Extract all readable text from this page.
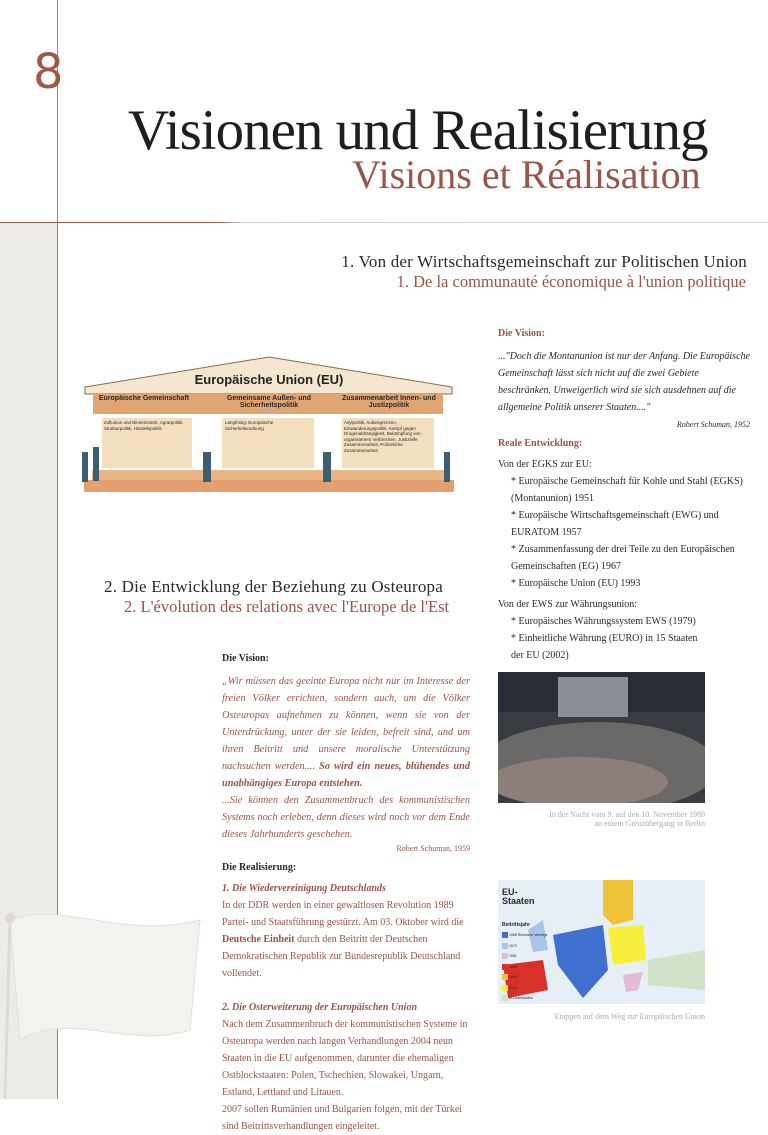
8
Visionen und Realisierung
Visions et Réalisation
1. Von der Wirtschaftsgemeinschaft zur Politischen Union
1. De la communauté économique à l'union politique
Europäische Union (EU)
Europäische Gemeinschaft	Gemeinsame Außen- und Sicherheitspolitik
Zusammenarbeit Innen- und Justizpolitik
Zollunion und Binnenmarkt, Agrarpolitik, Strukturpolitik, Handelspolitik
Langfristig: Europäische Sicherheitsordnung
Asylpolitik, Außengrenzen, Einwanderungspolitik, Kampf gegen Drogenabhängigkeit, Bekämpfung von organisiertem Verbrechen, Justizielle Zusammenarbeit, Polizeiliche Zusammenarbeit

Die Vision:

..."Doch die Montanunion ist nur der Anfang. Die Europäische Gemeinschaft lässt sich nicht auf die zwei Gebiete beschränken. Unweigerlich wird sie sich ausdehnen auf die allgemeine Politik unserer Staaten...."

Robert Schuman, 1952

Reale Entwicklung:

Von der EGKS zur EU:

* Europäische Gemeinschaft für Kohle und Stahl (EGKS) (Montanunion) 1951

* Europäische Wirtschaftsgemeinschaft (EWG) und EURATOM 1957

* Zusammenfassung der drei Teile zu den Europäischen Gemeinschaften (EG) 1967

* Europäische Union (EU) 1993

Von der EWS zur Währungsunion:

* Europäisches Währungssystem EWS (1979)

* Einheitliche Währung (EURO) in 15 Staaten der EU (2002)

2. Die Entwicklung der Beziehung zu Osteuropa
2. L'évolution des relations avec l'Europe de l'Est

Die Vision:

„Wir müssen das geeinte Europa nicht nur im Interesse der freien Völker errichten, sondern auch, um die Völker Osteuropas aufnehmen zu können, wenn sie von der Unterdrückung, unter der sie leiden, befreit sind, und um ihren Beitritt und unsere moralische Unterstützung nachsuchen werden.... So wird ein neues, blühendes und unabhängiges Europa entstehen.
...Sie können den Zusammenbruch des kommunistischen Systems noch erleben, denn dieses wird noch vor dem Ende dieses Jahrhunderts geschehen.

Robert Schuman, 1959

Die Realisierung:

1. Die Wiedervereinigung Deutschlands

In der DDR werden in einer gewaltlosen Revolution 1989 Partei- und Staatsführung gestürzt. Am 03. Oktober wird die Deutsche Einheit durch den Beitritt der Deutschen Demokratischen Republik zur Bundesrepublik Deutschland vollendet.

2. Die Osterweiterung der Europäischen Union

Nach dem Zusammenbruch der kommunistischen Systeme in Osteuropa werden nach langen Verhandlungen 2004 neun Staaten in die EU aufgenommen, darunter die ehemaligen Ostblockstaaten: Polen, Tschechien, Slowakei, Ungarn, Estland, Lettland und Litauen.

2007 sollen Rumänien und Bulgarien folgen, mit der Türkei sind Beitrittsverhandlungen eingeleitet.

In der Nacht vom 9. auf den 10. November 1989
an einem Grenzübergang in Berlin
EU-Staaten
Beitrittsjahr
1958 Römische Verträge
1973
1981
1986
1995
2004
EU-Kandidaten
Etappen auf dem Weg zur Europäischen Union
